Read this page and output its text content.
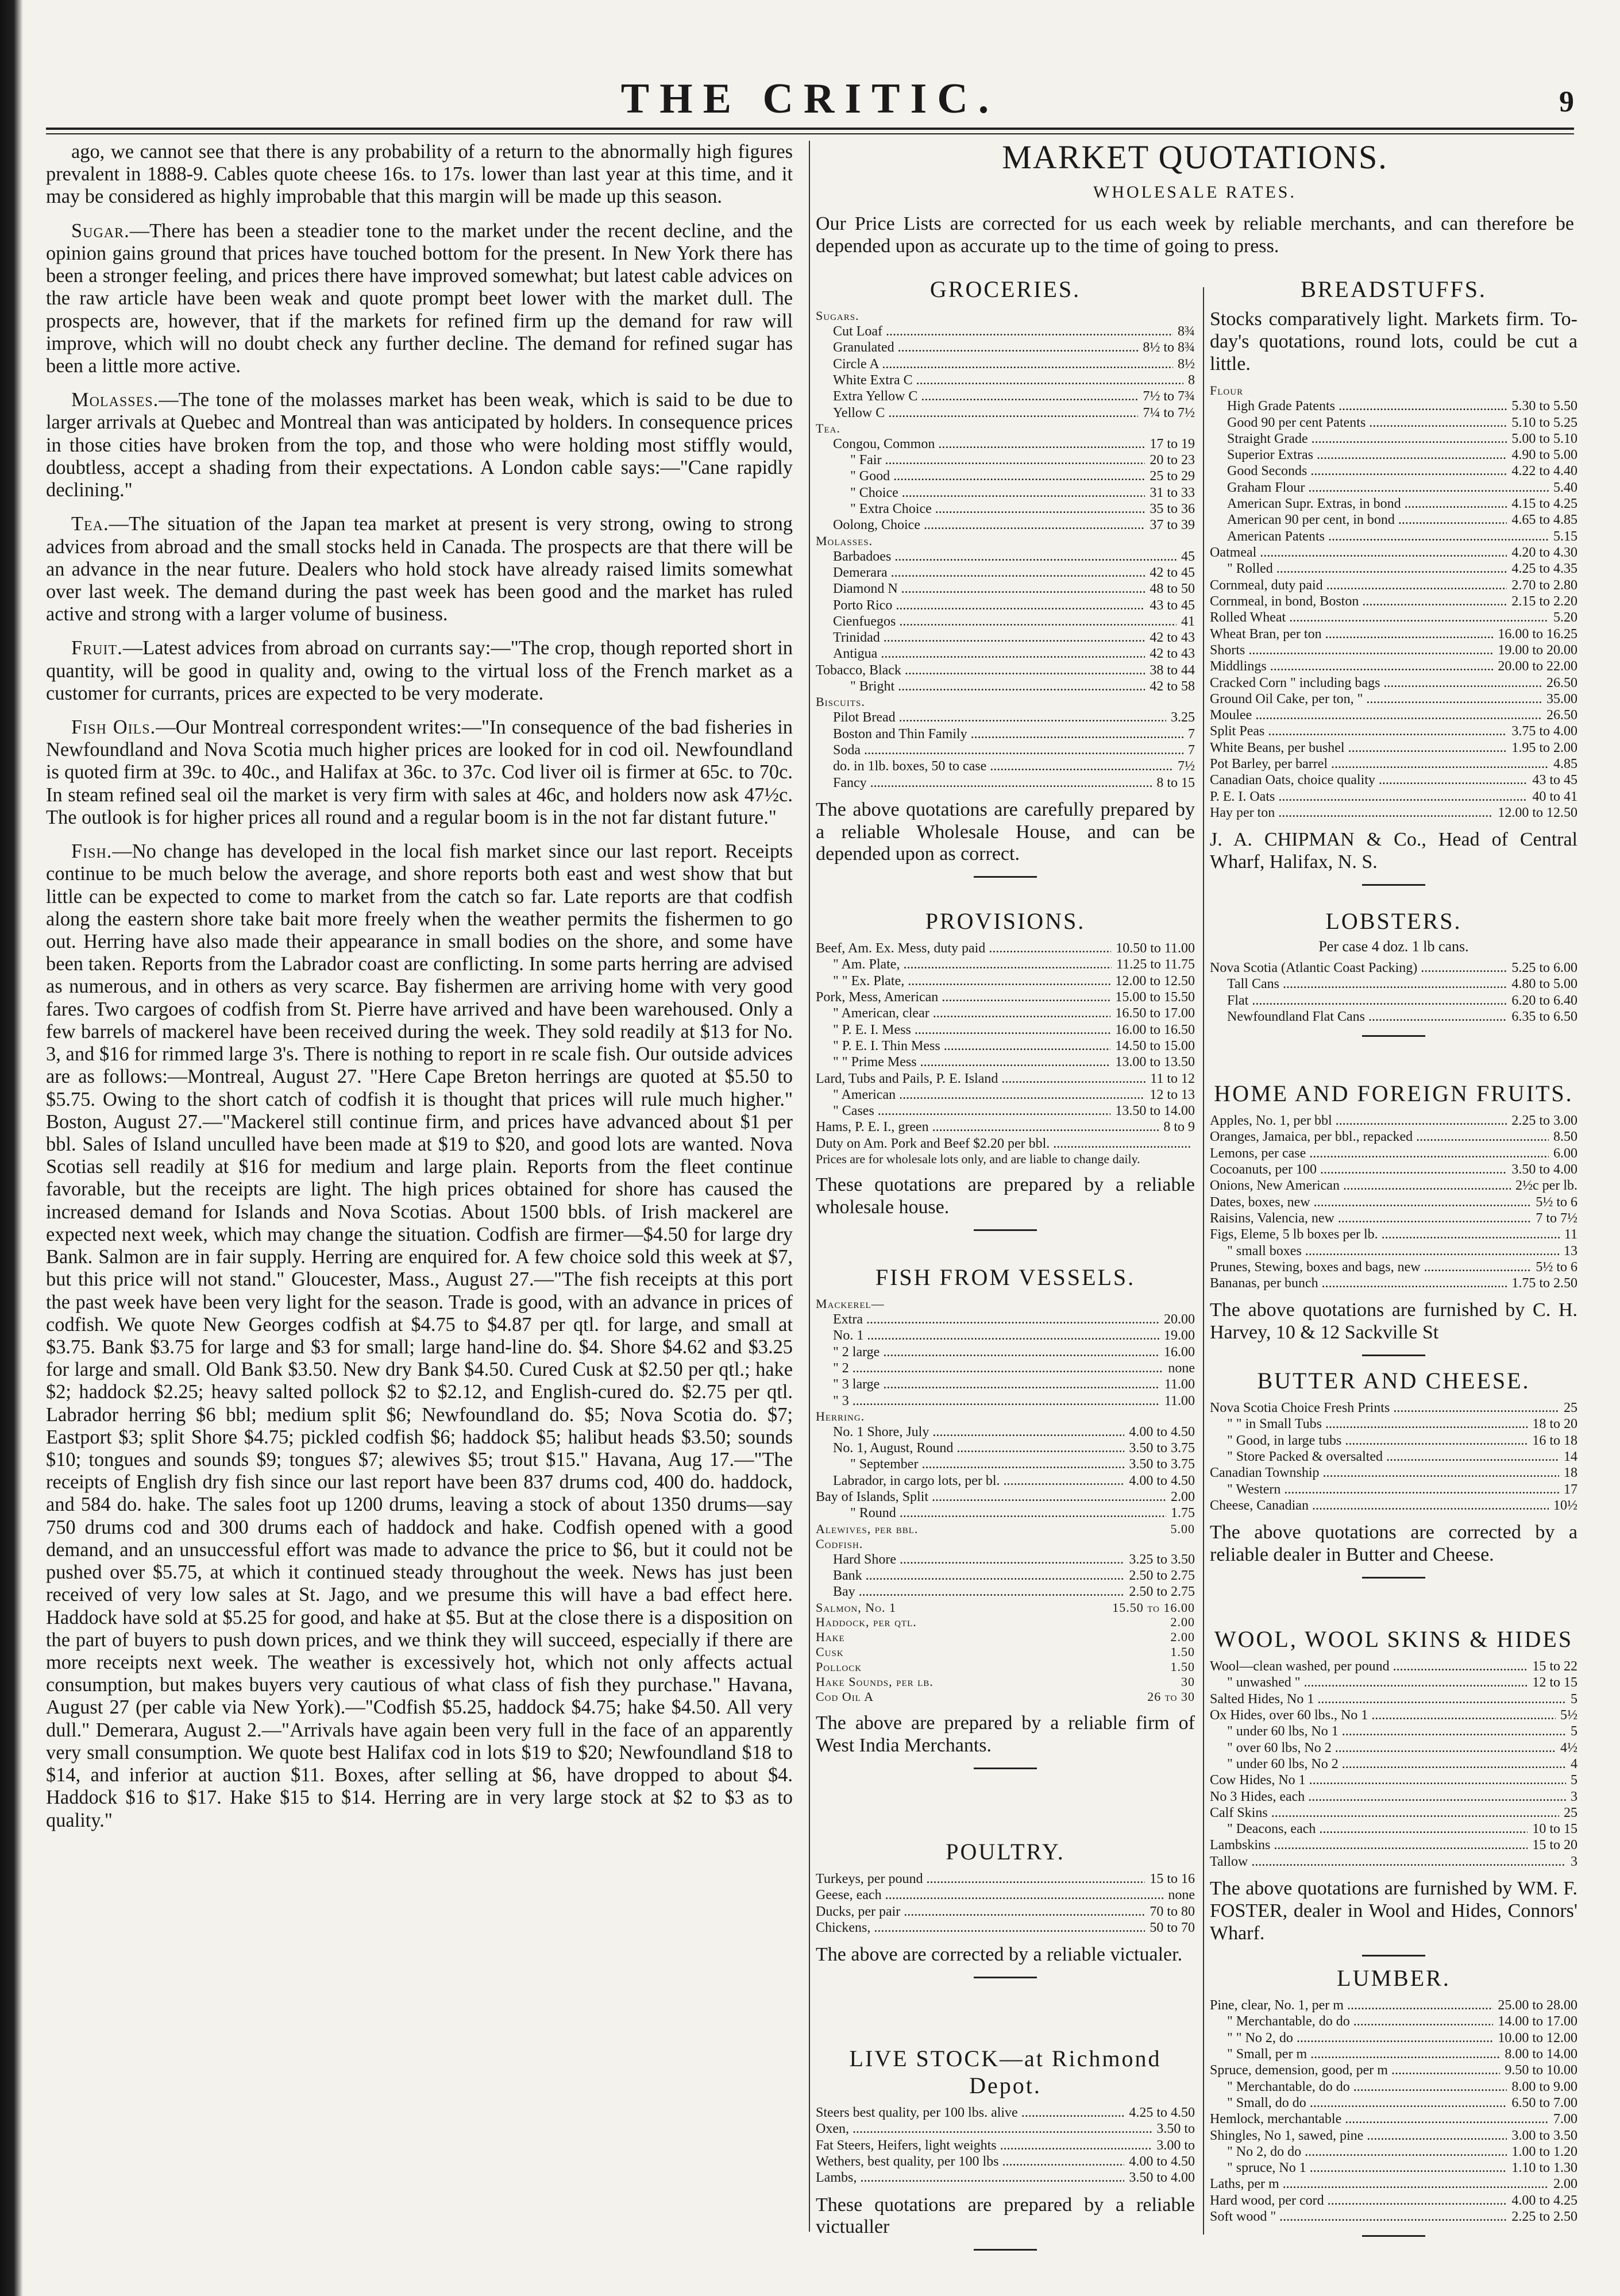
THE CRITIC.	9

ago, we cannot see that there is any probability of a return to the abnormally high figures prevalent in 1888-9. Cables quote cheese 16s. to 17s. lower than last year at this time, and it may be considered as highly improbable that this margin will be made up this season.

Sugar.—There has been a steadier tone to the market under the recent decline, and the opinion gains ground that prices have touched bottom for the present. In New York there has been a stronger feeling, and prices there have improved somewhat; but latest cable advices on the raw article have been weak and quote prompt beet lower with the market dull. The prospects are, however, that if the markets for refined firm up the demand for raw will improve, which will no doubt check any further decline. The demand for refined sugar has been a little more active.

Molasses.—The tone of the molasses market has been weak, which is said to be due to larger arrivals at Quebec and Montreal than was anticipated by holders. In consequence prices in those cities have broken from the top, and those who were holding most stiffly would, doubtless, accept a shading from their expectations. A London cable says:—"Cane rapidly declining."

Tea.—The situation of the Japan tea market at present is very strong, owing to strong advices from abroad and the small stocks held in Canada. The prospects are that there will be an advance in the near future. Dealers who hold stock have already raised limits somewhat over last week. The demand during the past week has been good and the market has ruled active and strong with a larger volume of business.

Fruit.—Latest advices from abroad on currants say:—"The crop, though reported short in quantity, will be good in quality and, owing to the virtual loss of the French market as a customer for currants, prices are expected to be very moderate.

Fish Oils.—Our Montreal correspondent writes:—"In consequence of the bad fisheries in Newfoundland and Nova Scotia much higher prices are looked for in cod oil. Newfoundland is quoted firm at 39c. to 40c., and Halifax at 36c. to 37c. Cod liver oil is firmer at 65c. to 70c. In steam refined seal oil the market is very firm with sales at 46c, and holders now ask 47½c. The outlook is for higher prices all round and a regular boom is in the not far distant future."

Fish.—No change has developed in the local fish market since our last report. Receipts continue to be much below the average, and shore reports both east and west show that but little can be expected to come to market from the catch so far. Late reports are that codfish along the eastern shore take bait more freely when the weather permits the fishermen to go out. Herring have also made their appearance in small bodies on the shore, and some have been taken. Reports from the Labrador coast are conflicting. In some parts herring are advised as numerous, and in others as very scarce. Bay fishermen are arriving home with very good fares. Two cargoes of codfish from St. Pierre have arrived and have been warehoused. Only a few barrels of mackerel have been received during the week. They sold readily at $13 for No. 3, and $16 for rimmed large 3's. There is nothing to report in re scale fish. Our outside advices are as follows:—Montreal, August 27. "Here Cape Breton herrings are quoted at $5.50 to $5.75. Owing to the short catch of codfish it is thought that prices will rule much higher." Boston, August 27.—"Mackerel still continue firm, and prices have advanced about $1 per bbl. Sales of Island unculled have been made at $19 to $20, and good lots are wanted. Nova Scotias sell readily at $16 for medium and large plain. Reports from the fleet continue favorable, but the receipts are light. The high prices obtained for shore has caused the increased demand for Islands and Nova Scotias. About 1500 bbls. of Irish mackerel are expected next week, which may change the situation. Codfish are firmer—$4.50 for large dry Bank. Salmon are in fair supply. Herring are enquired for. A few choice sold this week at $7, but this price will not stand." Gloucester, Mass., August 27.—"The fish receipts at this port the past week have been very light for the season. Trade is good, with an advance in prices of codfish. We quote New Georges codfish at $4.75 to $4.87 per qtl. for large, and small at $3.75. Bank $3.75 for large and $3 for small; large hand-line do. $4. Shore $4.62 and $3.25 for large and small. Old Bank $3.50. New dry Bank $4.50. Cured Cusk at $2.50 per qtl.; hake $2; haddock $2.25; heavy salted pollock $2 to $2.12, and English-cured do. $2.75 per qtl. Labrador herring $6 bbl; medium split $6; Newfoundland do. $5; Nova Scotia do. $7; Eastport $3; split Shore $4.75; pickled codfish $6; haddock $5; halibut heads $3.50; sounds $10; tongues and sounds $9; tongues $7; alewives $5; trout $15." Havana, Aug 17.—"The receipts of English dry fish since our last report have been 837 drums cod, 400 do. haddock, and 584 do. hake. The sales foot up 1200 drums, leaving a stock of about 1350 drums—say 750 drums cod and 300 drums each of haddock and hake. Codfish opened with a good demand, and an unsuccessful effort was made to advance the price to $6, but it could not be pushed over $5.75, at which it continued steady throughout the week. News has just been received of very low sales at St. Jago, and we presume this will have a bad effect here. Haddock have sold at $5.25 for good, and hake at $5. But at the close there is a disposition on the part of buyers to push down prices, and we think they will succeed, especially if there are more receipts next week. The weather is excessively hot, which not only affects actual consumption, but makes buyers very cautious of what class of fish they purchase." Havana, August 27 (per cable via New York).—"Codfish $5.25, haddock $4.75; hake $4.50. All very dull." Demerara, August 2.—"Arrivals have again been very full in the face of an apparently very small consumption. We quote best Halifax cod in lots $19 to $20; Newfoundland $18 to $14, and inferior at auction $11. Boxes, after selling at $6, have dropped to about $4. Haddock $16 to $17. Hake $15 to $14. Herring are in very large stock at $2 to $3 as to quality."

MARKET QUOTATIONS.
WHOLESALE RATES.
Our Price Lists are corrected for us each week by reliable merchants, and can therefore be depended upon as accurate up to the time of going to press.
GROCERIES.
Sugars.
Cut Loaf .....	8¾
Granulated .....	8½ to 8¾
Circle A .....	8½
White Extra C .....	8
Extra Yellow C .....	7½ to 7¾
Yellow C .....	7¼ to 7½
Tea.
Congou, Common .....	17 to 19
" Fair .....	20 to 23
" Good .....	25 to 29
" Choice .....	31 to 33
" Extra Choice .....	35 to 36
Oolong, Choice .....	37 to 39
Molasses.
Barbadoes .....	45
Demerara .....	42 to 45
Diamond N .....	48 to 50
Porto Rico .....	43 to 45
Cienfuegos .....	41
Trinidad .....	42 to 43
Antigua .....	42 to 43
Tobacco, Black .....	38 to 44
" Bright .....	42 to 58
Biscuits.
Pilot Bread .....	3.25
Boston and Thin Family .....	7
Soda .....	7
do. in 1lb. boxes, 50 to case .....	7½
Fancy .....	8 to 15
The above quotations are carefully prepared by a reliable Wholesale House, and can be depended upon as correct.
PROVISIONS.
Beef, Am. Ex. Mess, duty paid .....	10.50 to 11.00
" Am. Plate, .....	11.25 to 11.75
" " Ex. Plate, .....	12.00 to 12.50
Pork, Mess, American .....	15.00 to 15.50
" American, clear .....	16.50 to 17.00
" P. E. I. Mess .....	16.00 to 16.50
" P. E. I. Thin Mess .....	14.50 to 15.00
" " Prime Mess .....	13.00 to 13.50
Lard, Tubs and Pails, P. E. Island .....	11 to 12
" American .....	12 to 13
" Cases .....	13.50 to 14.00
Hams, P. E. I., green .....	8 to 9
Duty on Am. Pork and Beef $2.20 per bbl. .....
Prices are for wholesale lots only, and are liable to change daily.
These quotations are prepared by a reliable wholesale house.
FISH FROM VESSELS.
Mackerel—
Extra .....	20.00
No. 1 .....	19.00
" 2 large .....	16.00
" 2 .....	none
" 3 large .....	11.00
" 3 .....	11.00
Herring.
No. 1 Shore, July .....	4.00 to 4.50
No. 1, August, Round .....	3.50 to 3.75
" September .....	3.50 to 3.75
Labrador, in cargo lots, per bl. .....	4.00 to 4.50
Bay of Islands, Split .....	2.00
" Round .....	1.75
Alewives, per bbl.	5.00
Codfish.
Hard Shore .....	3.25 to 3.50
Bank .....	2.50 to 2.75
Bay .....	2.50 to 2.75
Salmon, No. 1	15.50 to 16.00
Haddock, per qtl.	2.00
Hake	2.00
Cusk	1.50
Pollock	1.50
Hake Sounds, per lb.	30
Cod Oil A	26 to 30
The above are prepared by a reliable firm of West India Merchants.
POULTRY.
Turkeys, per pound .....	15 to 16
Geese, each .....	none
Ducks, per pair .....	70 to 80
Chickens, .....	50 to 70
The above are corrected by a reliable victualer.
LIVE STOCK—at Richmond Depot.
Steers best quality, per 100 lbs. alive .....	4.25 to 4.50
Oxen, .....	3.50 to
Fat Steers, Heifers, light weights .....	3.00 to
Wethers, best quality, per 100 lbs .....	4.00 to 4.50
Lambs, .....	3.50 to 4.00
These quotations are prepared by a reliable victualler
BREADSTUFFS.
Stocks comparatively light. Markets firm. To-day's quotations, round lots, could be cut a little.
Flour
High Grade Patents .....	5.30 to 5.50
Good 90 per cent Patents .....	5.10 to 5.25
Straight Grade .....	5.00 to 5.10
Superior Extras .....	4.90 to 5.00
Good Seconds .....	4.22 to 4.40
Graham Flour .....	5.40
American Supr. Extras, in bond .....	4.15 to 4.25
American 90 per cent, in bond .....	4.65 to 4.85
American Patents .....	5.15
Oatmeal .....	4.20 to 4.30
" Rolled .....	4.25 to 4.35
Cornmeal, duty paid .....	2.70 to 2.80
Cornmeal, in bond, Boston .....	2.15 to 2.20
Rolled Wheat .....	5.20
Wheat Bran, per ton .....	16.00 to 16.25
Shorts .....	19.00 to 20.00
Middlings .....	20.00 to 22.00
Cracked Corn " including bags .....	26.50
Ground Oil Cake, per ton, " .....	35.00
Moulee .....	26.50
Split Peas .....	3.75 to 4.00
White Beans, per bushel .....	1.95 to 2.00
Pot Barley, per barrel .....	4.85
Canadian Oats, choice quality .....	43 to 45
P. E. I. Oats .....	40 to 41
Hay per ton .....	12.00 to 12.50
J. A. CHIPMAN & Co., Head of Central Wharf, Halifax, N. S.
LOBSTERS.
Per case 4 doz. 1 lb cans.
Nova Scotia (Atlantic Coast Packing) .....	5.25 to 6.00
Tall Cans .....	4.80 to 5.00
Flat .....	6.20 to 6.40
Newfoundland Flat Cans .....	6.35 to 6.50
HOME AND FOREIGN FRUITS.
Apples, No. 1, per bbl .....	2.25 to 3.00
Oranges, Jamaica, per bbl., repacked .....	8.50
Lemons, per case .....	6.00
Cocoanuts, per 100 .....	3.50 to 4.00
Onions, New American .....	2½c per lb.
Dates, boxes, new .....	5½ to 6
Raisins, Valencia, new .....	7 to 7½
Figs, Eleme, 5 lb boxes per lb. .....	11
" small boxes .....	13
Prunes, Stewing, boxes and bags, new .....	5½ to 6
Bananas, per bunch .....	1.75 to 2.50
The above quotations are furnished by C. H. Harvey, 10 & 12 Sackville St
BUTTER AND CHEESE.
Nova Scotia Choice Fresh Prints .....	25
" " in Small Tubs .....	18 to 20
" Good, in large tubs .....	16 to 18
" Store Packed & oversalted .....	14
Canadian Township .....	18
" Western .....	17
Cheese, Canadian .....	10½
The above quotations are corrected by a reliable dealer in Butter and Cheese.
WOOL, WOOL SKINS & HIDES
Wool—clean washed, per pound .....	15 to 22
" unwashed " .....	12 to 15
Salted Hides, No 1 .....	5
Ox Hides, over 60 lbs., No 1 .....	5½
" under 60 lbs, No 1 .....	5
" over 60 lbs, No 2 .....	4½
" under 60 lbs, No 2 .....	4
Cow Hides, No 1 .....	5
No 3 Hides, each .....	3
Calf Skins .....	25
" Deacons, each .....	10 to 15
Lambskins .....	15 to 20
Tallow .....	3
The above quotations are furnished by WM. F. FOSTER, dealer in Wool and Hides, Connors' Wharf.
LUMBER.
Pine, clear, No. 1, per m .....	25.00 to 28.00
" Merchantable, do do .....	14.00 to 17.00
" " No 2, do .....	10.00 to 12.00
" Small, per m .....	8.00 to 14.00
Spruce, demension, good, per m .....	9.50 to 10.00
" Merchantable, do do .....	8.00 to 9.00
" Small, do do .....	6.50 to 7.00
Hemlock, merchantable .....	7.00
Shingles, No 1, sawed, pine .....	3.00 to 3.50
" No 2, do do .....	1.00 to 1.20
" spruce, No 1 .....	1.10 to 1.30
Laths, per m .....	2.00
Hard wood, per cord .....	4.00 to 4.25
Soft wood " .....	2.25 to 2.50
